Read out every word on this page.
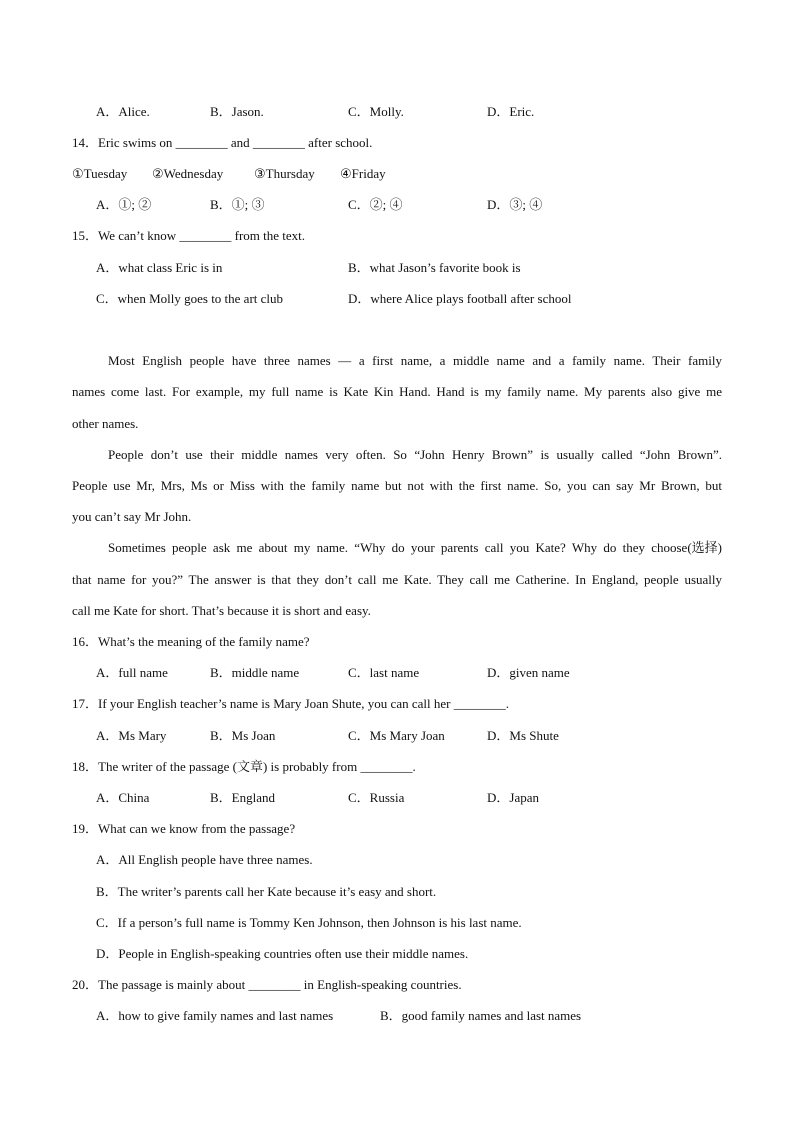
A．Alice.	B．Jason.	C．Molly.	D．Eric.
14．Eric swims on ________ and ________ after school.
①Tuesday ②Wednesday ③Thursday ④Friday
A．①; ②	B．①; ③	C．②; ④	D．③; ④
15．We can’t know ________ from the text.
A．what class Eric is in	B．what Jason’s favorite book is
C．when Molly goes to the art club	D．where Alice plays football after school
Most English people have three names — a first name, a middle name and a family name. Their family
names come last. For example, my full name is Kate Kin Hand. Hand is my family name. My parents also give me
other names.
People don’t use their middle names very often. So “John Henry Brown” is usually called “John Brown”.
People use Mr, Mrs, Ms or Miss with the family name but not with the first name. So, you can say Mr Brown, but
you can’t say Mr John.
Sometimes people ask me about my name. “Why do your parents call you Kate? Why do they choose(选择)
that name for you?” The answer is that they don’t call me Kate. They call me Catherine. In England, people usually
call me Kate for short. That’s because it is short and easy.
16．What’s the meaning of the family name?
A．full name	B．middle name	C．last name	D．given name
17．If your English teacher’s name is Mary Joan Shute, you can call her ________.
A．Ms Mary	B．Ms Joan	C．Ms Mary Joan	D．Ms Shute
18．The writer of the passage (文章) is probably from ________.
A．China	B．England	C．Russia	D．Japan
19．What can we know from the passage?
A．All English people have three names.
B．The writer’s parents call her Kate because it’s easy and short.
C．If a person’s full name is Tommy Ken Johnson, then Johnson is his last name.
D．People in English-speaking countries often use their middle names.
20．The passage is mainly about ________ in English-speaking countries.
A．how to give family names and last names	B．good family names and last names
